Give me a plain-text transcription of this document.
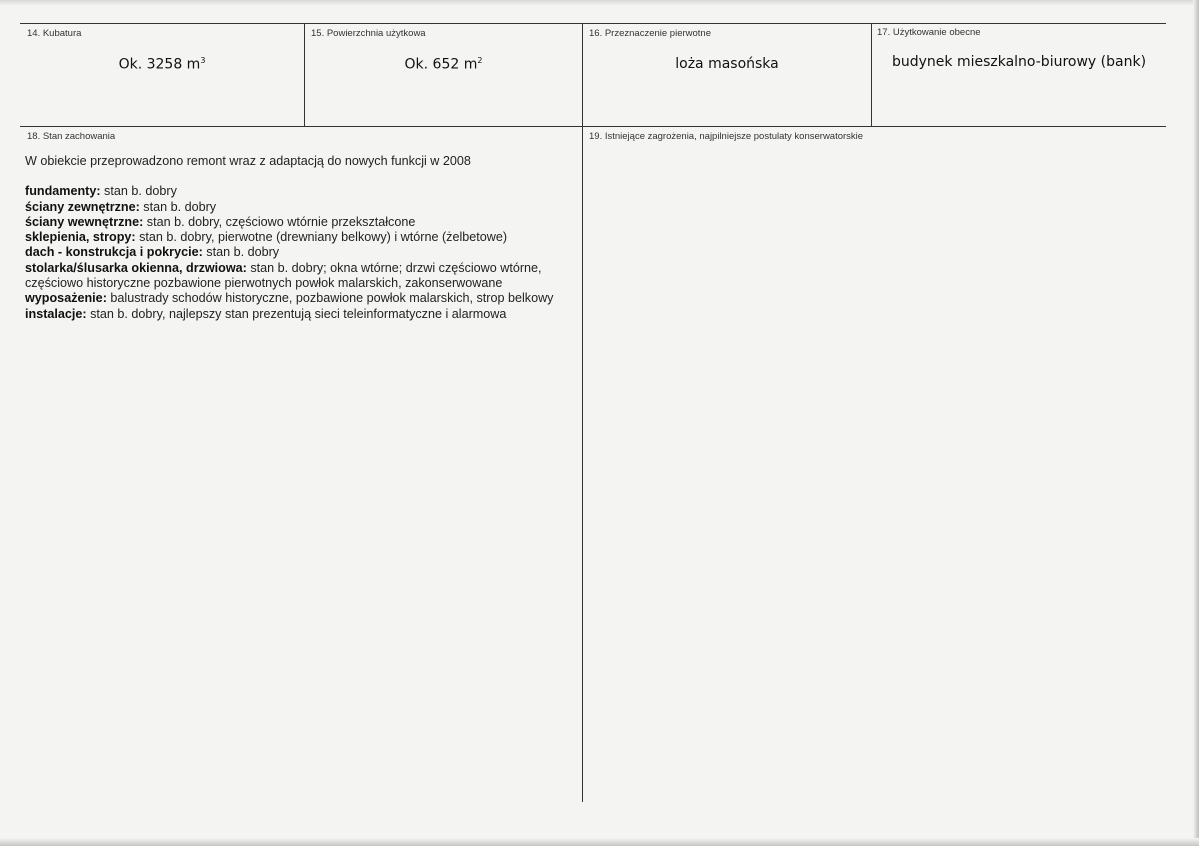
14. Kubatura
Ok. 3258 $m^3$
15. Powierzchnia użytkowa
Ok. 652 $m^2$
16. Przeznaczenie pierwotne
loża masońska
17. Użytkowanie obecne
budynek mieszkalno-biurowy (bank)
18. Stan zachowania

W obiekcie przeprowadzono remont wraz z adaptacją do nowych funkcji w 2008

fundamenty: stan b. dobry

ściany zewnętrzne: stan b. dobry

ściany wewnętrzne: stan b. dobry, częściowo wtórnie przekształcone

sklepienia, stropy: stan b. dobry, pierwotne (drewniany belkowy) i wtórne (żelbetowe)

dach - konstrukcja i pokrycie: stan b. dobry

stolarka/ślusarka okienna, drzwiowa: stan b. dobry; okna wtórne; drzwi częściowo wtórne, częściowo historyczne pozbawione pierwotnych powłok malarskich, zakonserwowane

wyposażenie: balustrady schodów historyczne, pozbawione powłok malarskich, strop belkowy

instalacje: stan b. dobry, najlepszy stan prezentują sieci teleinformatyczne i alarmowa

19. Istniejące zagrożenia, najpilniejsze postulaty konserwatorskie
